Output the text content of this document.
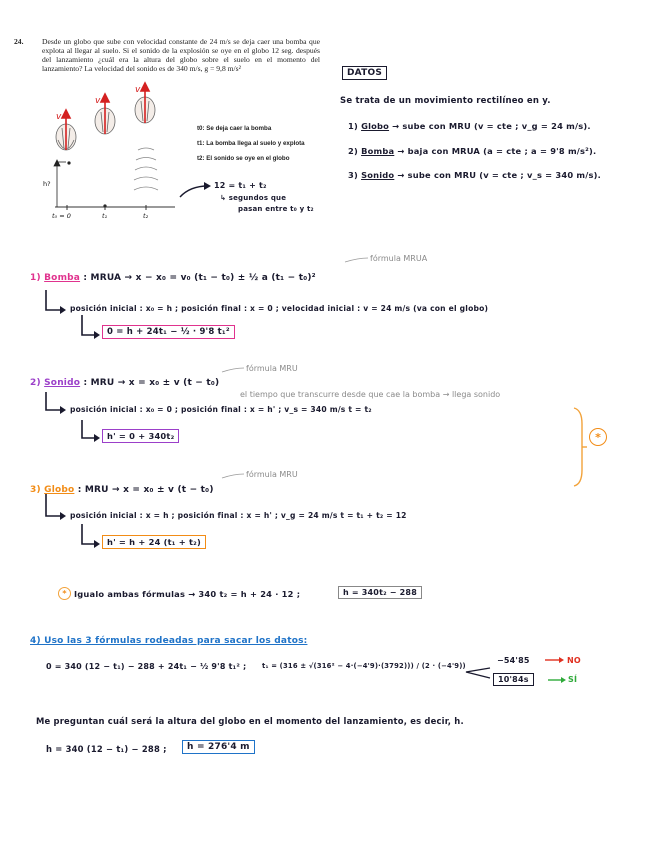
24. Desde un globo que sube con velocidad constante de 24 m/s se deja caer una bomba que explota al llegar al suelo. Si el sonido de la explosión se oye en el globo 12 seg. después del lanzamiento ¿cuál era la altura del globo sobre el suelo en el momento del lanzamiento? La velocidad del sonido es de 340 m/s, g = 9,8 m/s²
v
v
v
h?
t₀ = 0	t₁	t₂
t0: Se deja caer la bomba
t1: La bomba llega al suelo y explota
t2: El sonido se oye en el globo
12 = t₁ + t₂
↳ segundos que
pasan entre t₀ y t₂
DATOS
Se trata de un movimiento rectilíneo en y.
1) Globo → sube con MRU (v = cte ; v_g = 24 m/s).
2) Bomba → baja con MRUA (a = cte ; a = 9'8 m/s²).
3) Sonido → sube con MRU (v = cte ; v_s = 340 m/s).
fórmula MRUA
1) Bomba : MRUA → x − x₀ = v₀ (t₁ − t₀) ± ½ a (t₁ − t₀)²
posición inicial : x₀ = h ; posición final : x = 0 ; velocidad inicial : v = 24 m/s (va con el globo)
0 = h + 24t₁ − ½ · 9'8 t₁²
fórmula MRU
2) Sonido : MRU → x = x₀ ± v (t − t₀)
el tiempo que transcurre desde que cae la bomba → llega sonido
posición inicial : x₀ = 0 ; posición final : x = h' ; v_s = 340 m/s t = t₂
h' = 0 + 340t₂
fórmula MRU
3) Globo : MRU → x = x₀ ± v (t − t₀)
posición inicial : x = h ; posición final : x = h' ; v_g = 24 m/s t = t₁ + t₂ = 12
h' = h + 24 (t₁ + t₂)
*
* Igualo ambas fórmulas → 340 t₂ = h + 24 · 12 ;	h = 340t₂ − 288
4) Uso las 3 fórmulas rodeadas para sacar los datos:
0 = 340 (12 − t₁) − 288 + 24t₁ − ½ 9'8 t₁² ; t₁ = (316 ± √(316² − 4·(−4'9)·(3792))) / (2 · (−4'9))
−54'85	NO
10'84s	SÍ
Me preguntan cuál será la altura del globo en el momento del lanzamiento, es decir, h.
h = 340 (12 − t₁) − 288 ;	h = 276'4 m
